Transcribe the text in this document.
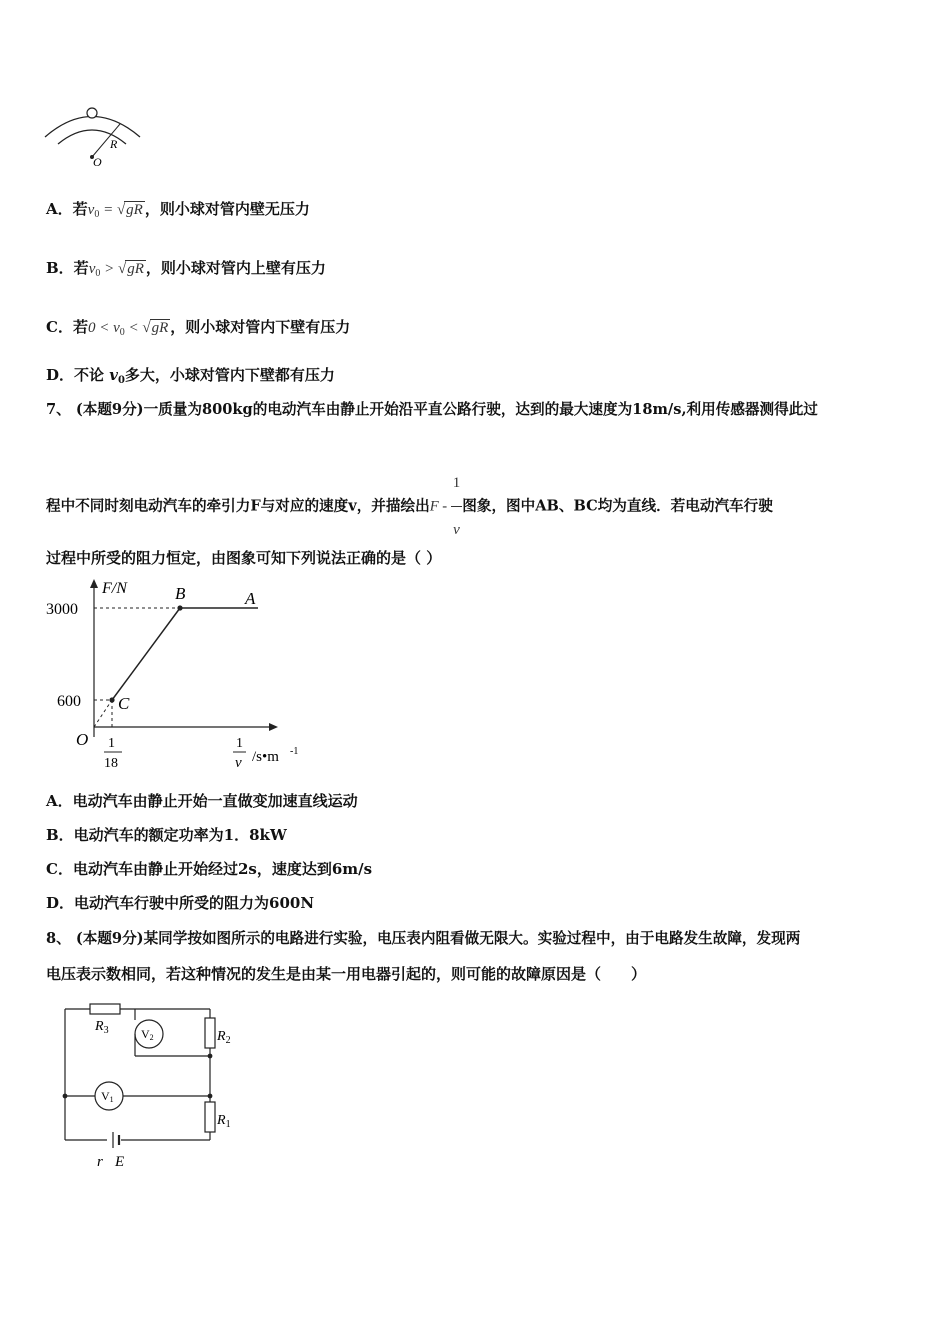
R
O
A．若$v_0 = √gR$ ，则小球对管内壁无压力
B．若$v_0 > √gR$ ，则小球对管内上壁有压力
C．若$0 < v_0 < √gR$ ，则小球对管内下壁有压力
D．不论 $v_0$多大，小球对管内下壁都有压力
7、 (本题9分)一质量为800kg的电动汽车由静止开始沿平直公路行驶，达到的最大速度为18m/s,利用传感器测得此过
程中不同时刻电动汽车的牵引力F与对应的速度v，并描绘出F - $\frac{1}{v}$ 图象，图中AB、BC均为直线．若电动汽车行驶
过程中所受的阻力恒定，由图象可知下列说法正确的是（ ）
F/N
3000
600
O
B	A
C
1
18
1
v /s•m -1
A．电动汽车由静止开始一直做变加速直线运动
B．电动汽车的额定功率为1．8kW
C．电动汽车由静止开始经过2s，速度达到6m/s
D．电动汽车行驶中所受的阻力为600N
8、 (本题9分)某同学按如图所示的电路进行实验，电压表内阻看做无限大。实验过程中，由于电路发生故障，发现两
电压表示数相同，若这种情况的发生是由某一用电器引起的，则可能的故障原因是（　　）
$R_3$	$R_2$
$R_1$
V2
V1
r E
